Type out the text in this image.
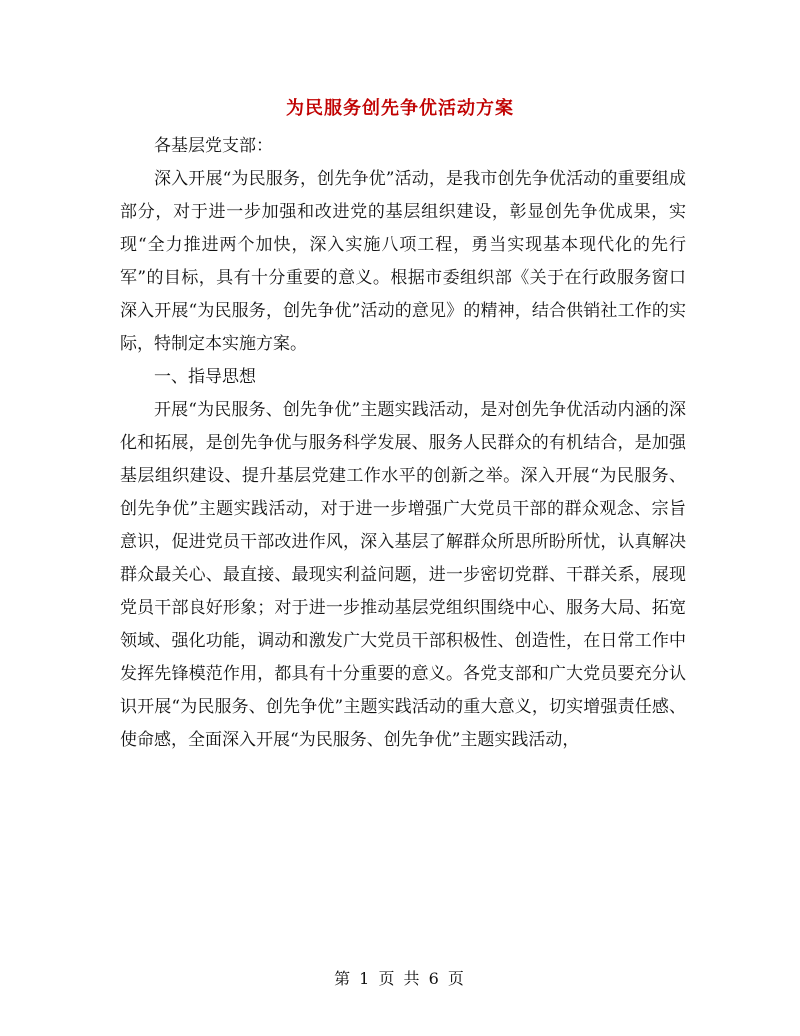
为民服务创先争优活动方案

各基层党支部：

深入开展“为民服务，创先争优”活动，是我市创先争优活动的重要组成部分，对于进一步加强和改进党的基层组织建设，彰显创先争优成果，实现“全力推进两个加快，深入实施八项工程，勇当实现基本现代化的先行军”的目标，具有十分重要的意义。根据市委组织部《关于在行政服务窗口深入开展“为民服务，创先争优”活动的意见》的精神，结合供销社工作的实际，特制定本实施方案。

一、指导思想

开展“为民服务、创先争优”主题实践活动，是对创先争优活动内涵的深化和拓展，是创先争优与服务科学发展、服务人民群众的有机结合，是加强基层组织建设、提升基层党建工作水平的创新之举。深入开展“为民服务、创先争优”主题实践活动，对于进一步增强广大党员干部的群众观念、宗旨意识，促进党员干部改进作风，深入基层了解群众所思所盼所忧，认真解决群众最关心、最直接、最现实利益问题，进一步密切党群、干群关系，展现党员干部良好形象；对于进一步推动基层党组织围绕中心、服务大局、拓宽领域、强化功能，调动和激发广大党员干部积极性、创造性，在日常工作中发挥先锋模范作用，都具有十分重要的意义。各党支部和广大党员要充分认识开展“为民服务、创先争优”主题实践活动的重大意义，切实增强责任感、使命感，全面深入开展“为民服务、创先争优”主题实践活动，

第 1 页 共 6 页
